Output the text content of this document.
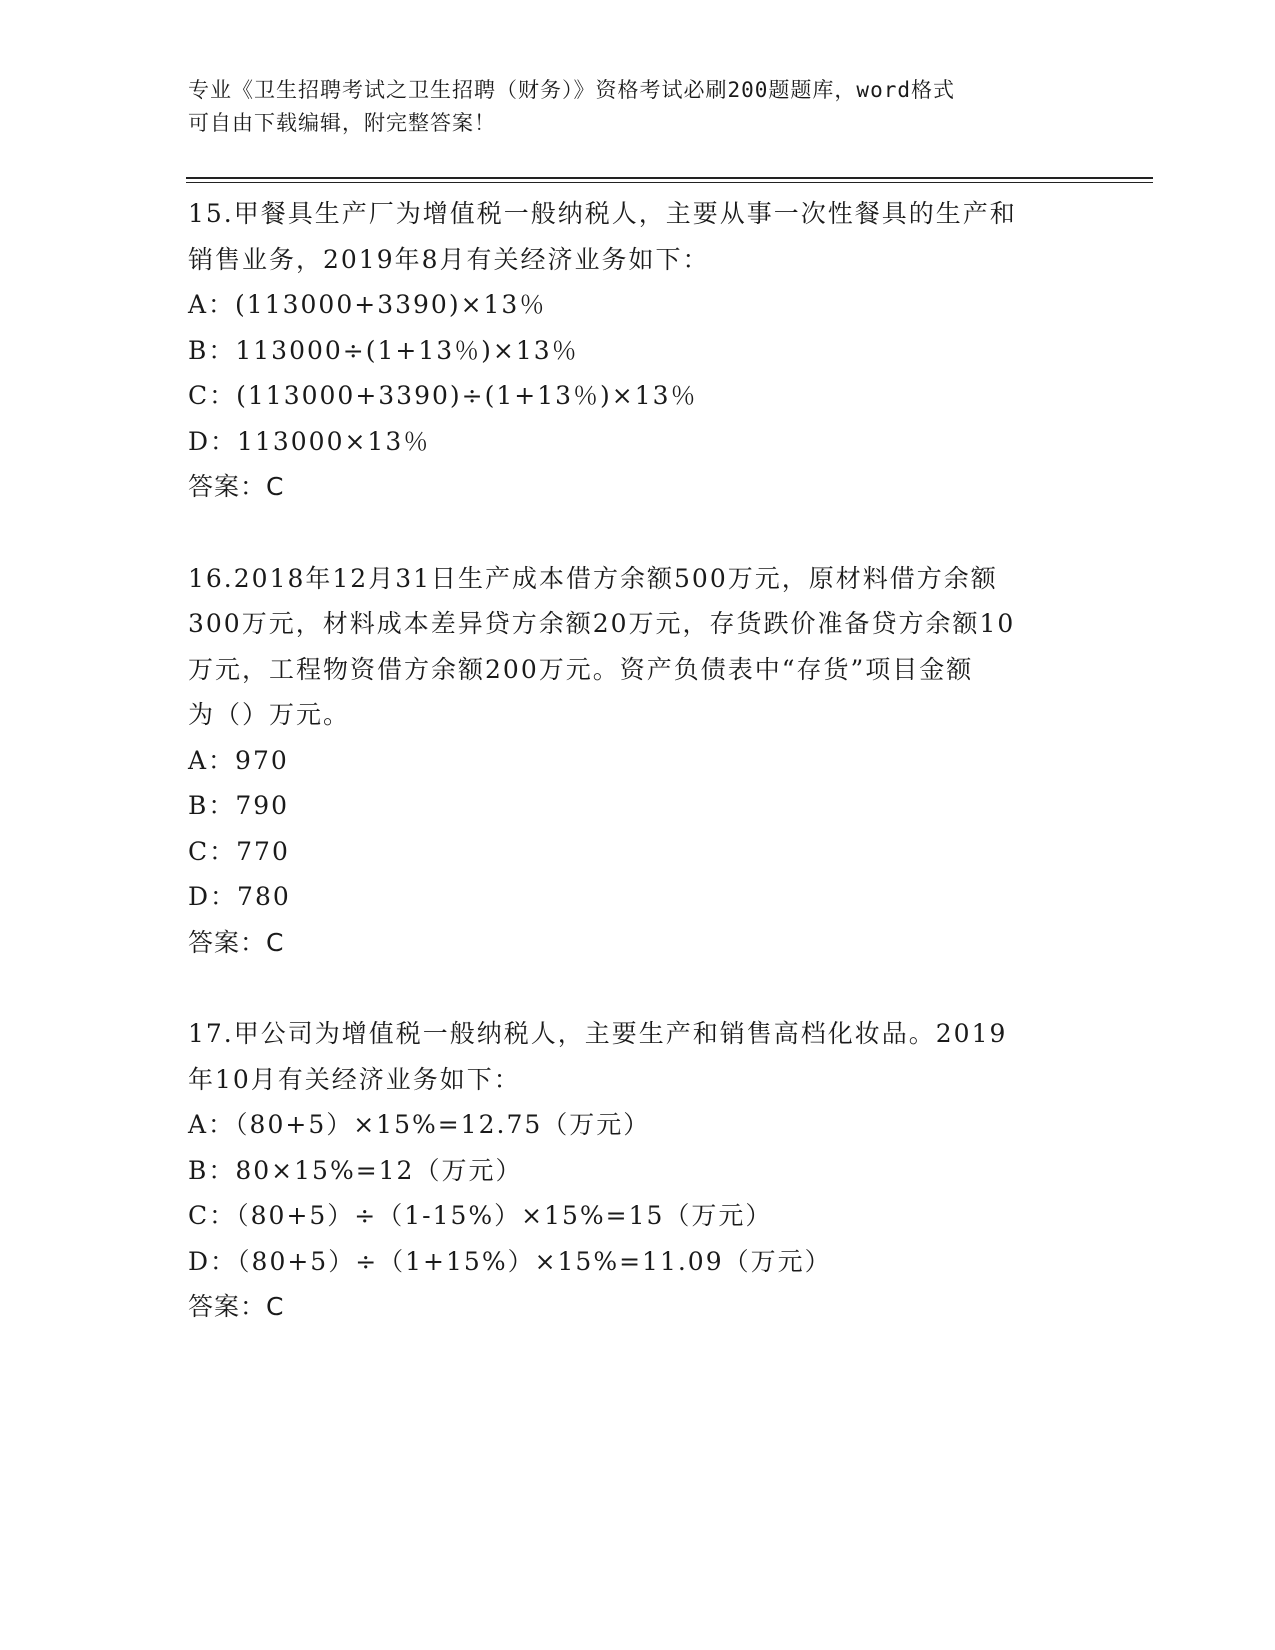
专业《卫生招聘考试之卫生招聘（财务）》资格考试必刷200题题库，word格式
可自由下载编辑，附完整答案！
15.甲餐具生产厂为增值税一般纳税人，主要从事一次性餐具的生产和
销售业务，2019年8月有关经济业务如下：
A：(113000+3390)×13％
B：113000÷(1+13％)×13％
C：(113000+3390)÷(1+13％)×13％
D：113000×13％
答案：C
16.2018年12月31日生产成本借方余额500万元，原材料借方余额
300万元，材料成本差异贷方余额20万元，存货跌价准备贷方余额10
万元，工程物资借方余额200万元。资产负债表中“存货”项目金额
为（）万元。
A：970
B：790
C：770
D：780
答案：C
17.甲公司为增值税一般纳税人，主要生产和销售高档化妆品。2019
年10月有关经济业务如下：
A：（80+5）×15%=12.75（万元）
B：80×15%=12（万元）
C：（80+5）÷（1-15%）×15%=15（万元）
D：（80+5）÷（1+15%）×15%=11.09（万元）
答案：C
